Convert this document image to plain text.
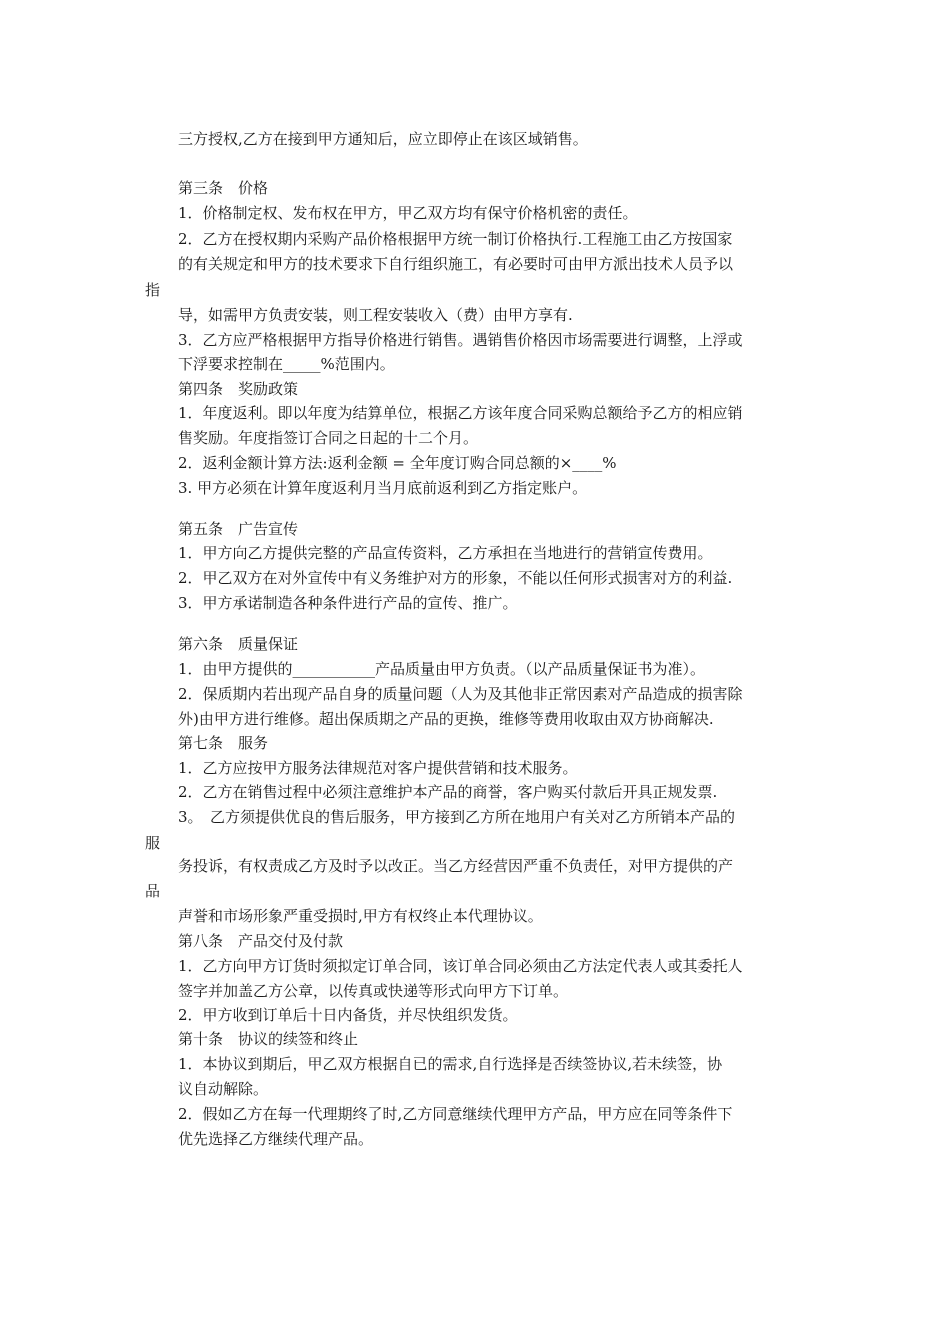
三方授权,乙方在接到甲方通知后，应立即停止在该区域销售。
第三条　价格
1．价格制定权、发布权在甲方，甲乙双方均有保守价格机密的责任。
2．乙方在授权期内采购产品价格根据甲方统一制订价格执行.工程施工由乙方按国家
的有关规定和甲方的技术要求下自行组织施工，有必要时可由甲方派出技术人员予以
指
导，如需甲方负责安装，则工程安装收入（费）由甲方享有.
3．乙方应严格根据甲方指导价格进行销售。遇销售价格因市场需要进行调整，上浮或
下浮要求控制在_____%范围内。
第四条　奖励政策
1．年度返利。即以年度为结算单位，根据乙方该年度合同采购总额给予乙方的相应销
售奖励。年度指签订合同之日起的十二个月。
2．返利金额计算方法:返利金额 = 全年度订购合同总额的×____%
3. 甲方必须在计算年度返利月当月底前返利到乙方指定账户。
第五条　广告宣传
1．甲方向乙方提供完整的产品宣传资料，乙方承担在当地进行的营销宣传费用。
2．甲乙双方在对外宣传中有义务维护对方的形象，不能以任何形式损害对方的利益.
3．甲方承诺制造各种条件进行产品的宣传、推广。
第六条　质量保证
1．由甲方提供的___________产品质量由甲方负责。（以产品质量保证书为准）。
2．保质期内若出现产品自身的质量问题（人为及其他非正常因素对产品造成的损害除
外)由甲方进行维修。超出保质期之产品的更换，维修等费用收取由双方协商解决.
第七条　服务
1．乙方应按甲方服务法律规范对客户提供营销和技术服务。
2．乙方在销售过程中必须注意维护本产品的商誉，客户购买付款后开具正规发票.
3。　乙方须提供优良的售后服务，甲方接到乙方所在地用户有关对乙方所销本产品的
服
务投诉，有权责成乙方及时予以改正。当乙方经营因严重不负责任，对甲方提供的产
品
声誉和市场形象严重受损时,甲方有权终止本代理协议。
第八条　产品交付及付款
1．乙方向甲方订货时须拟定订单合同，该订单合同必须由乙方法定代表人或其委托人
签字并加盖乙方公章，以传真或快递等形式向甲方下订单。
2．甲方收到订单后十日内备货，并尽快组织发货。
第十条　协议的续签和终止
1．本协议到期后，甲乙双方根据自已的需求,自行选择是否续签协议,若未续签，协
议自动解除。
2．假如乙方在每一代理期终了时,乙方同意继续代理甲方产品，甲方应在同等条件下
优先选择乙方继续代理产品。
